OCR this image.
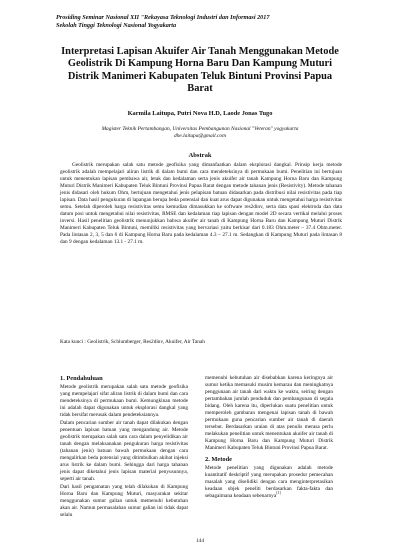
Prosiding Seminar Nasional XII "Rekayasa Teknologi Industri dan Informasi 2017
Sekolah Tinggi Teknologi Nasional Yogyakarta
Interpretasi Lapisan Akuifer Air Tanah Menggunakan Metode Geolistrik Di Kampung Horna Baru Dan Kampung Muturi Distrik Manimeri Kabupaten Teluk Bintuni Provinsi Papua Barat
Karmila Laitupa, Putri Nova H.D, Laode Jonas Tugo
Magister Teknik Pertambangan, Universitas Pembangunan Nasional "Veteran" yogyakarta
dhe.laitupa@gmail.com
Abstrak
Geolistrik merupakan salah satu metode geofisika yang dimanfaatkan dalam eksplorasi dangkal. Prinsip kerja metode geolistrik adalah mempelajari aliran listrik di dalam bumi dan cara mendeteksinya di permukaan bumi. Penelitian ini bertujuan untuk menentukan lapisan pembawa air, letak dan kedalaman serta jenis akuifer air tanah Kampung Horna Baru dan Kampung Muturi Distrik Manimeri Kabupaten Teluk Bintuni Provinsi Papua Barat dengan metode tahanan jenis (Resistivity). Metode tahanan jenis didasari oleh hukum Ohm, bertujuan mengetahui jenis pelapisan batuan didasarkan pada distribusi nilai resistivitas pada tiap lapisan. Data hasil pengukuran di lapangan berupa beda potensial dan kuat arus dapat digunakan untuk mengetahui harga resistivitas semu. Setelah diperoleh harga resistivitas semu kemudian dimasukkan ke software res2dinv, serta data spasi elektroda dan data datum posi untuk mengetahui nilai resistivitas, RMSE dan kedalaman tiap lapisan dengan model 2D secara vertikal melalui proses inversi. Hasil penelitian geolistrik menunjukkan bahwa akuifer air tanah di Kampung Horna Baru dan Kampung Muturi Distrik Manimeri Kabupaten Teluk Bintuni, memiliki resistivitas yang bervariasi yaitu berkisar dari 0.183 Ohm.meter – 37.4 Ohm.meter. Pada lintasan 2, 3, 5 dan 6 di Kampung Horna Baru pada kedalaman 4.3 – 27.1 m. Sedangkan di Kampung Muturi pada lintasan 8 dan 9 dengan kedalaman 13.1 - 27.1 m.
Kata kunci : Geolistrik, Schlumberger, Res2dinv, Akuifer, Air Tanah
1. Pendahuluan

Metode geolistrik merupakan salah satu metode geofisika yang mempelajari sifat aliran listrik di dalam bumi dan cara mendeteksinya di permukaan bumi. Kemungkinan metode ini adalah dapat digunakan untuk eksplorasi dangkal yang tidak bersifat merusak dalam pendeteksiannya.

Dalam pencarian sumber air tanah dapat dilakukan dengan penentuan lapisan batuan yang mengandung air. Metode geolistrik merupakan salah satu cara dalam penyelidikan air tanah dengan melaksanakan pengukuran harga resistivitas (tahanan jenis) batuan bawah permukaan dengan cara mengalirkan beda potensial yang ditimbulkan akibat injeksi arus listrik ke dalam bumi. Sehingga dari harga tahanan jenis dapat diketahui jenis lapisan material penyusunnya, seperti air tanah.

Dari hasil pengamatan yang telah dilakukan di Kampung Horna Baru dan Kampung Muturi, masyarakat sekitar menggunakan sumur galian untuk memenuhi kebutuhan akan air. Namun permasalahan sumur galian ini tidak dapat selalu

memenuhi kebutuhan air disebabkan karena keringnya air sumur ketika memasuki musim kemarau dan meningkatnya penggunaan air tanah dari waktu ke waktu, seiring dengan pertambahan jumlah penduduk dan pembangunan di segala bidang. Oleh karena itu, diperlukan suatu penelitian untuk memperoleh gambaran mengenai lapisan tanah di bawah permukaan guna pencarian sumber air tanah di daerah tersebut. Berdasarkan uraian di atas penulis merasa perlu melakukan penelitian untuk menentukan akuifer air tanah di Kampung Horna Baru dan Kampung Muturi Distrik Manimeri Kabupaten Teluk Bintuni Provinsi Papua Barat.

2. Metode

Metode penelitian yang digunakan adalah metode kuantitatif deskriptif yang merupakan prosedur pemecahan masalah yang diselidiki dengan cara menginterpretasikan keadaan objek peneliti berdasarkan fakta-fakta dan sebagaimana keadaan sebenarnya[1]

144
